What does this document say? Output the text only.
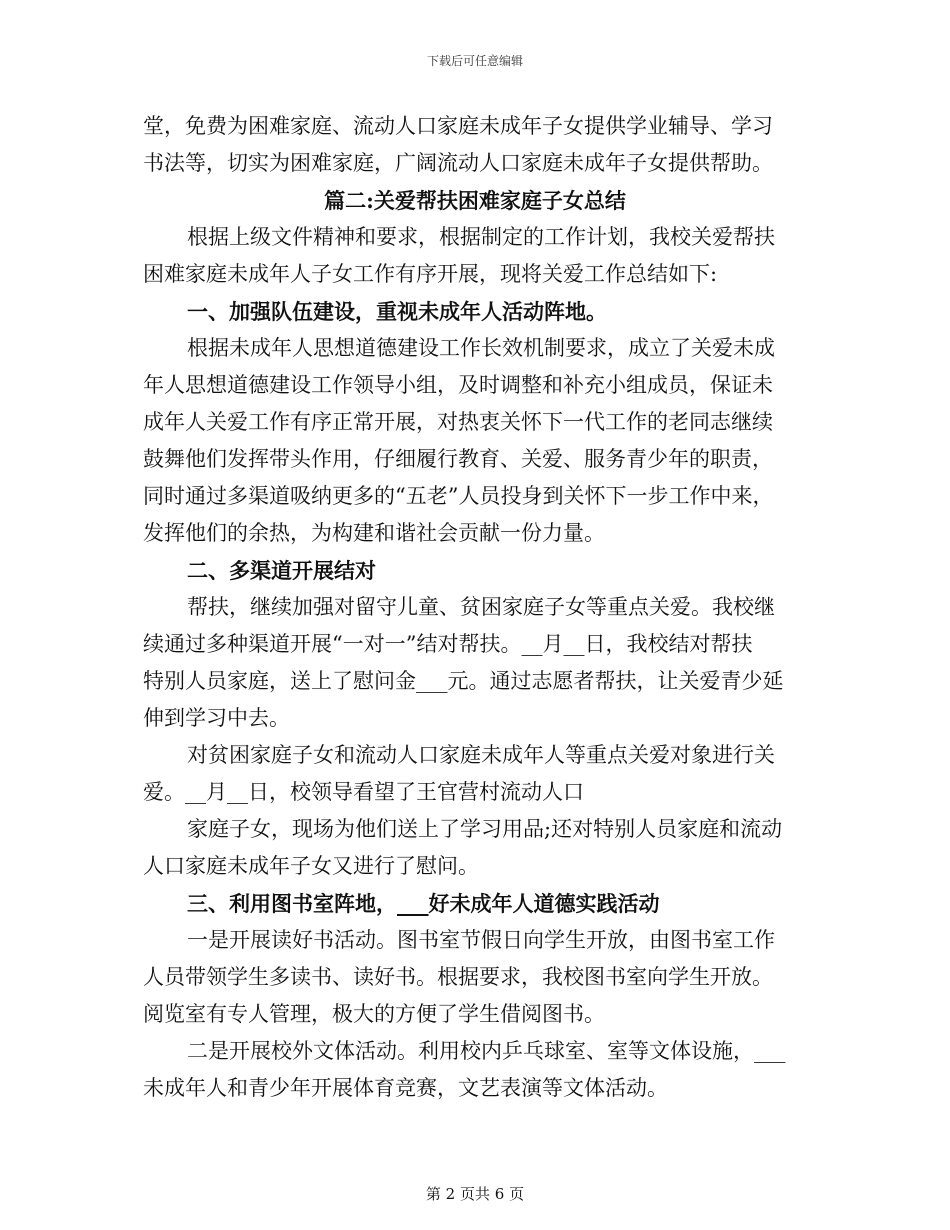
下载后可任意编辑
堂，免费为困难家庭、流动人口家庭未成年子女提供学业辅导、学习
书法等，切实为困难家庭，广阔流动人口家庭未成年子女提供帮助。
篇二:关爱帮扶困难家庭子女总结
根据上级文件精神和要求，根据制定的工作计划，我校关爱帮扶
困难家庭未成年人子女工作有序开展，现将关爱工作总结如下:
一、加强队伍建设，重视未成年人活动阵地。
根据未成年人思想道德建设工作长效机制要求，成立了关爱未成
年人思想道德建设工作领导小组，及时调整和补充小组成员，保证未
成年人关爱工作有序正常开展，对热衷关怀下一代工作的老同志继续
鼓舞他们发挥带头作用，仔细履行教育、关爱、服务青少年的职责，
同时通过多渠道吸纳更多的“五老”人员投身到关怀下一步工作中来，
发挥他们的余热，为构建和谐社会贡献一份力量。
二、多渠道开展结对
帮扶，继续加强对留守儿童、贫困家庭子女等重点关爱。我校继
续通过多种渠道开展“一对一”结对帮扶。__月__日，我校结对帮扶
特别人员家庭，送上了慰问金___元。通过志愿者帮扶，让关爱青少延
伸到学习中去。
对贫困家庭子女和流动人口家庭未成年人等重点关爱对象进行关
爱。__月__日，校领导看望了王官营村流动人口
家庭子女，现场为他们送上了学习用品;还对特别人员家庭和流动
人口家庭未成年子女又进行了慰问。
三、利用图书室阵地，___好未成年人道德实践活动
一是开展读好书活动。图书室节假日向学生开放，由图书室工作
人员带领学生多读书、读好书。根据要求，我校图书室向学生开放。
阅览室有专人管理，极大的方便了学生借阅图书。
二是开展校外文体活动。利用校内乒乓球室、室等文体设施，___
未成年人和青少年开展体育竞赛，文艺表演等文体活动。
第 2 页共 6 页
